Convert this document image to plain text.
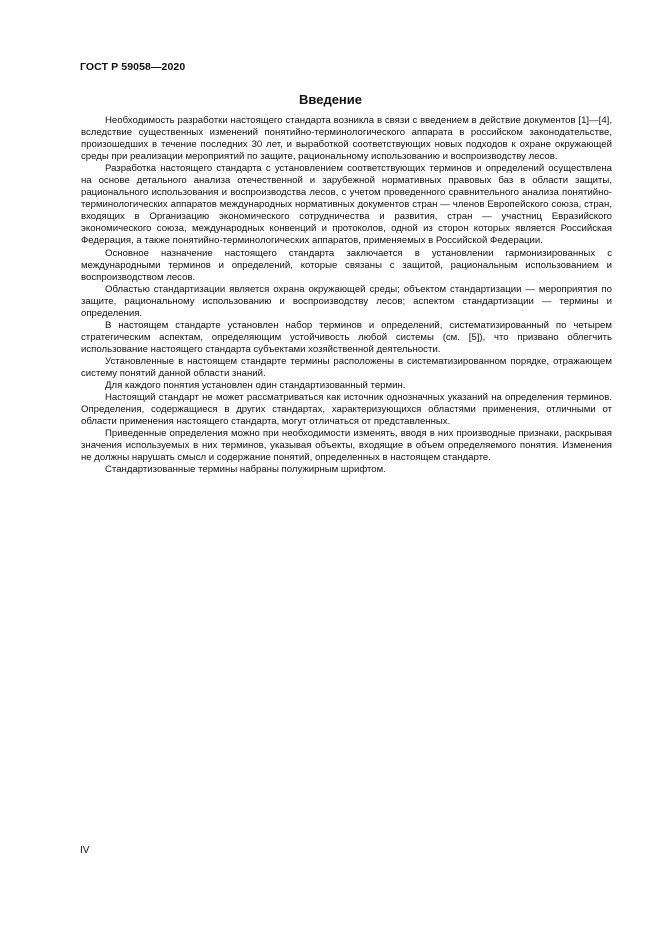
ГОСТ Р 59058—2020
Введение

Необходимость разработки настоящего стандарта возникла в связи с введением в действие документов [1]—[4], вследствие существенных изменений понятийно-терминологического аппарата в российском законодательстве, произошедших в течение последних 30 лет, и выработкой соответствующих новых подходов к охране окружающей среды при реализации мероприятий по защите, рациональному использованию и воспроизводству лесов.

Разработка настоящего стандарта с установлением соответствующих терминов и определений осуществлена на основе детального анализа отечественной и зарубежной нормативных правовых баз в области защиты, рационального использования и воспроизводства лесов, с учетом проведенного сравнительного анализа понятийно-терминологических аппаратов международных нормативных документов стран — членов Европейского союза, стран, входящих в Организацию экономического сотрудничества и развития, стран — участниц Евразийского экономического союза, международных конвенций и протоколов, одной из сторон которых является Российская Федерация, а также понятийно-терминологических аппаратов, применяемых в Российской Федерации.

Основное назначение настоящего стандарта заключается в установлении гармонизированных с международными терминов и определений, которые связаны с защитой, рациональным использованием и воспроизводством лесов.

Областью стандартизации является охрана окружающей среды; объектом стандартизации — мероприятия по защите, рациональному использованию и воспроизводству лесов; аспектом стандартизации — термины и определения.

В настоящем стандарте установлен набор терминов и определений, систематизированный по четырем стратегическим аспектам, определяющим устойчивость любой системы (см. [5]), что призвано облегчить использование настоящего стандарта субъектами хозяйственной деятельности.

Установленные в настоящем стандарте термины расположены в систематизированном порядке, отражающем систему понятий данной области знаний.

Для каждого понятия установлен один стандартизованный термин.

Настоящий стандарт не может рассматриваться как источник однозначных указаний на определения терминов. Определения, содержащиеся в других стандартах, характеризующихся областями применения, отличными от области применения настоящего стандарта, могут отличаться от представленных.

Приведенные определения можно при необходимости изменять, вводя в них производные признаки, раскрывая значения используемых в них терминов, указывая объекты, входящие в объем определяемого понятия. Изменения не должны нарушать смысл и содержание понятий, определенных в настоящем стандарте.

Стандартизованные термины набраны полужирным шрифтом.

IV
